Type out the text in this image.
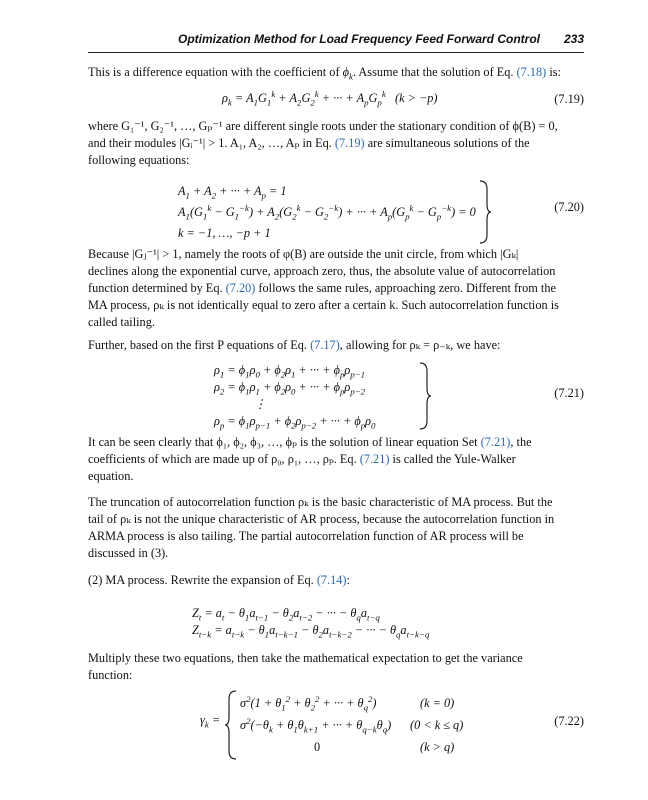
Optimization Method for Load Frequency Feed Forward Control 233

This is a difference equation with the coefficient of $\phi_k$. Assume that the solution of Eq. (7.18) is:

$\rho_k = A_1G_1^k + A_2G_2^k$ + ··· + $A_pG_p^k$   (k > −p)	(7.19)

where G₁⁻¹, G₂⁻¹, …, Gₚ⁻¹ are different single roots under the stationary condition of ϕ(B) = 0,
and their modules |Gᵢ⁻¹| > 1. A₁, A₂, …, Aₚ in Eq. (7.19) are simultaneous solutions of the
following equations:

$A_1 + A_2$ + ··· + $A_p = 1$
$A_1(G_1^k - G_1^{-k}) + A_2(G_2^k - G_2^{-k})$ + ··· + $A_p(G_p^k - G_p^{-k}) = 0$
k = −1, …, −p + 1
(7.20)

Because |Gⱼ⁻¹| > 1, namely the roots of φ(B) are outside the unit circle, from which |Gₖ|
declines along the exponential curve, approach zero, thus, the absolute value of autocorrelation
function determined by Eq. (7.20) follows the same rules, approaching zero. Different from the
MA process, ρₖ is not identically equal to zero after a certain k. Such autocorrelation function is
called tailing.

Further, based on the first P equations of Eq. (7.17), allowing for ρₖ = ρ₋ₖ, we have:

$\rho_1 = \phi_1\rho_0 + \phi_2\rho_1$ + ··· + $\phi_p\rho_{p-1}$
$\rho_2 = \phi_1\rho_1 + \phi_2\rho_0$ + ··· + $\phi_p\rho_{p-2}$
⋮
$\rho_p = \phi_1\rho_{p-1} + \phi_2\rho_{p-2}$ + ··· + $\phi_p\rho_0$
(7.21)

It can be seen clearly that ϕ₁, ϕ₂, ϕ₃, …, ϕₚ is the solution of linear equation Set (7.21), the
coefficients of which are made up of ρ₀, ρ₁, …, ρₚ. Eq. (7.21) is called the Yule-Walker
equation.

The truncation of autocorrelation function ρₖ is the basic characteristic of MA process. But the
tail of ρₖ is not the unique characteristic of AR process, because the autocorrelation function in
ARMA process is also tailing. The partial autocorrelation function of AR process will be
discussed in (3).

(2) MA process. Rewrite the expansion of Eq. (7.14):

$Z_t = a_t - \theta_1a_{t-1} - \theta_2a_{t-2}$ − ··· − $\theta_qa_{t-q}$
$Z_{t-k} = a_{t-k} - \theta_1a_{t-k-1} - \theta_2a_{t-k-2}$ − ··· − $\theta_qa_{t-k-q}$

Multiply these two equations, then take the mathematical expectation to get the variance
function:

$\gamma_k$ =
$\sigma^2(1 + \theta_1^2 + \theta_2^2$ + ··· + $\theta_q^2$)
$\sigma^2(-\theta_k + \theta_1\theta_{k+1}$ + ··· + $\theta_{q-k}\theta_q$)
0
(k = 0)
(0 < k ≤ q)
(k > q)
(7.22)
